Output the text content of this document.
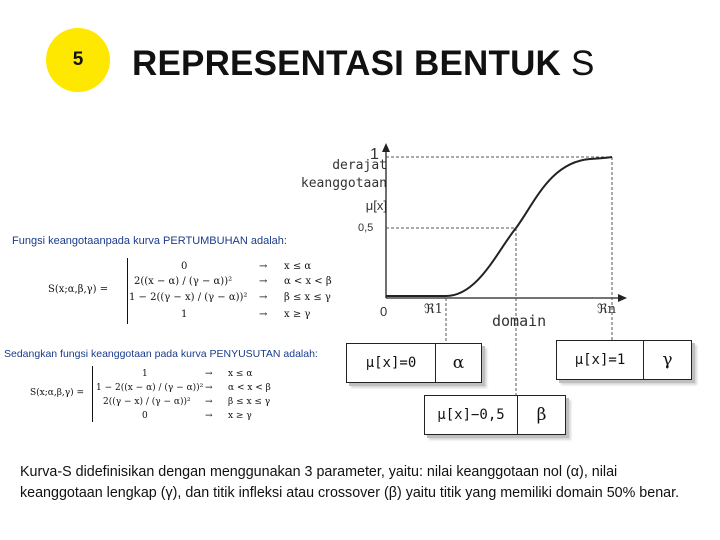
5 REPRESENTASI BENTUK S
derajat
keanggotaan
μ[x]
1
0,5
0	ℜ1	ℜn
domain
Fungsi keangotaanpada kurva PERTUMBUHAN adalah:
S(x;α,β,γ) =
0	→ x ≤ α
2((x − α) / (γ − α))²	→ α < x < β
1 − 2((γ − x) / (γ − α))² → β ≤ x ≤ γ
1	→ x ≥ γ
Sedangkan fungsi keanggotaan pada kurva PENYUSUTAN adalah:
S(x;α,β,γ) =
1	→ x ≤ α
1 − 2((x − α) / (γ − α))² → α < x < β
2((γ − x) / (γ − α))² → β ≤ x ≤ γ
0	→ x ≥ γ
μ[x]=0	α	μ[x]=1	γ
μ[x]−0,5	β
Kurva-S didefinisikan dengan menggunakan 3 parameter, yaitu: nilai keanggotaan nol (α), nilai keanggotaan lengkap (γ), dan titik infleksi atau crossover (β) yaitu titik yang memiliki domain 50% benar.
